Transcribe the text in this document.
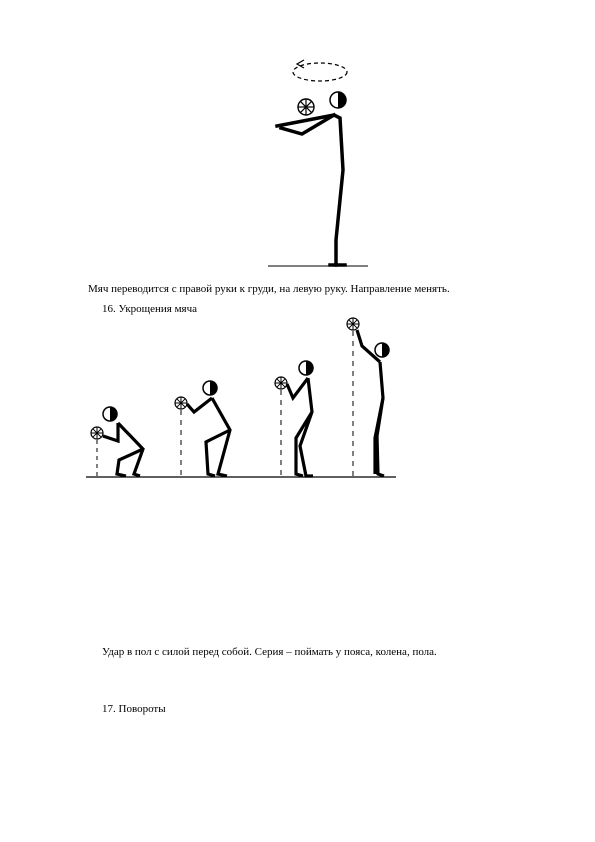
Мяч переводится с правой руки к груди, на левую руку. Направление менять.
16. Укрощения мяча
Удар в пол с силой перед собой. Серия – поймать у пояса, колена, пола.
17. Повороты
